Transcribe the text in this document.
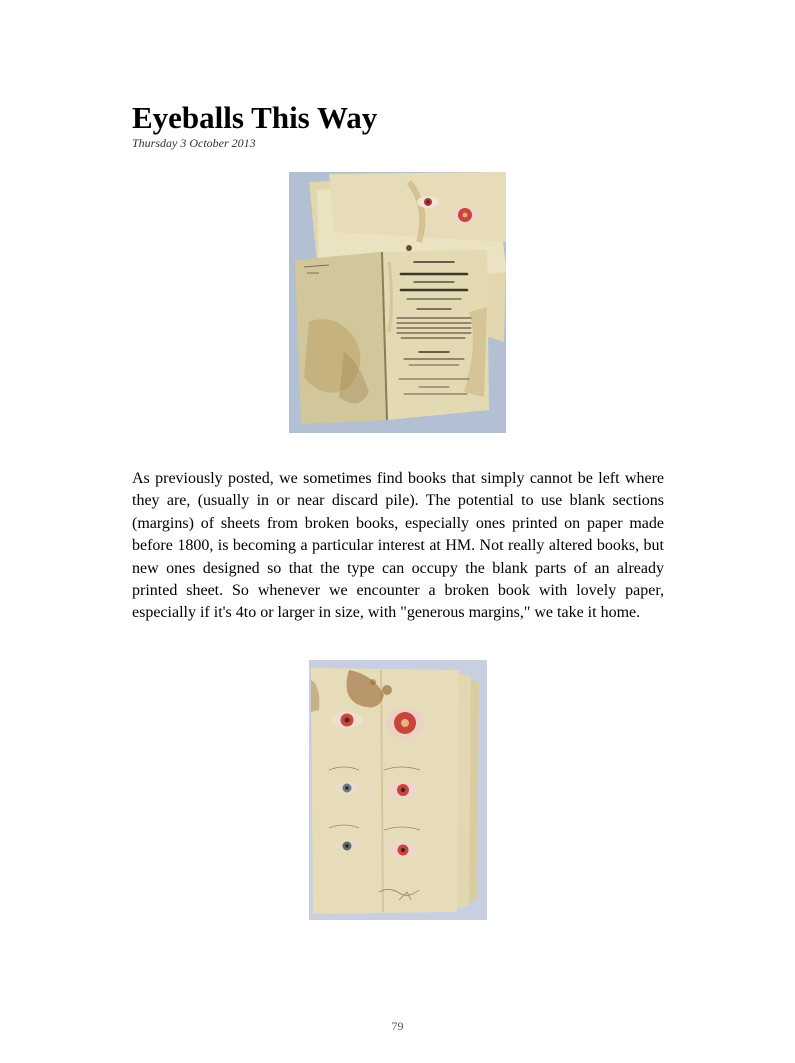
Eyeballs This Way
Thursday 3 October 2013

As previously posted, we sometimes find books that simply cannot be left where they are, (usually in or near discard pile). The potential to use blank sections (margins) of sheets from broken books, especially ones printed on paper made before 1800, is becoming a particular interest at HM. Not really altered books, but new ones designed so that the type can occupy the blank parts of an already printed sheet. So whenever we encounter a broken book with lovely paper, especially if it's 4to or larger in size, with "generous margins," we take it home.

79
